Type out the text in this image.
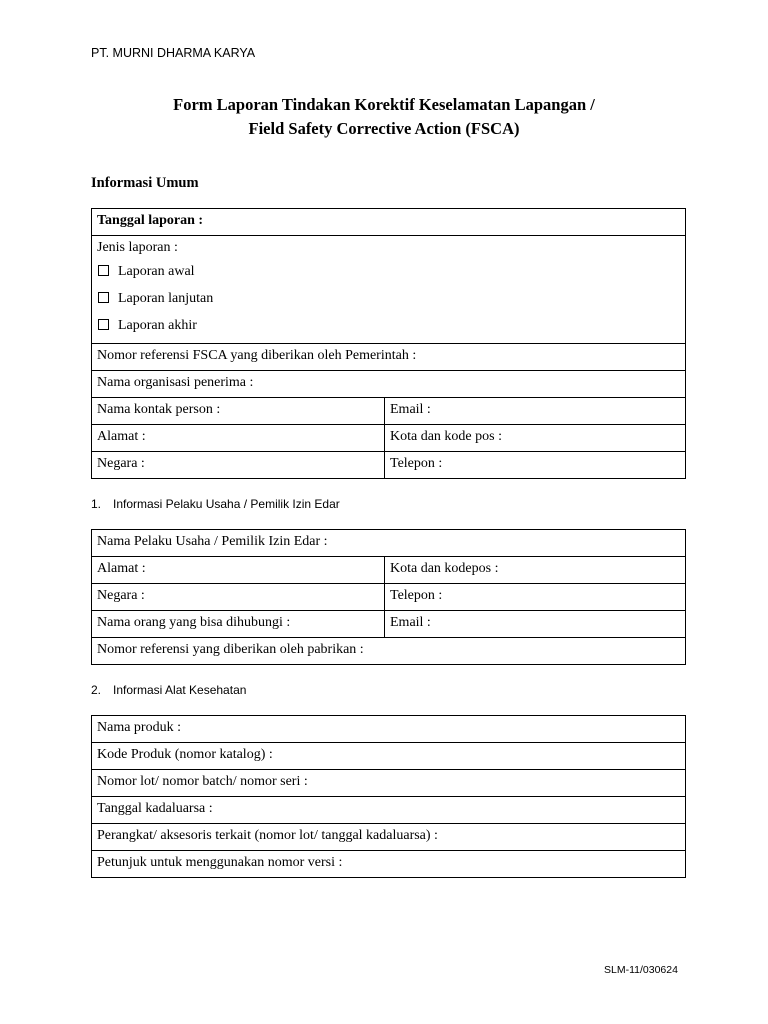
PT. MURNI DHARMA KARYA
Form Laporan Tindakan Korektif Keselamatan Lapangan /
Field Safety Corrective Action (FSCA)
Informasi Umum
Tanggal laporan :	

Jenis laporan :
Laporan awal
Laporan lanjutan
Laporan akhir	

Nomor referensi FSCA yang diberikan oleh Pemerintah :	
Nama organisasi penerima :	
Nama kontak person :	Email :
Alamat :	Kota dan kode pos :
Negara :	Telepon :
1. Informasi Pelaku Usaha / Pemilik Izin Edar
Nama Pelaku Usaha / Pemilik Izin Edar :	
Alamat :	Kota dan kodepos :
Negara :	Telepon :
Nama orang yang bisa dihubungi :	Email :
Nomor referensi yang diberikan oleh pabrikan :	
2. Informasi Alat Kesehatan
Nama produk :
Kode Produk (nomor katalog) :
Nomor lot/ nomor batch/ nomor seri :
Tanggal kadaluarsa :
Perangkat/ aksesoris terkait (nomor lot/ tanggal kadaluarsa) :
Petunjuk untuk menggunakan nomor versi :
SLM-11/030624
